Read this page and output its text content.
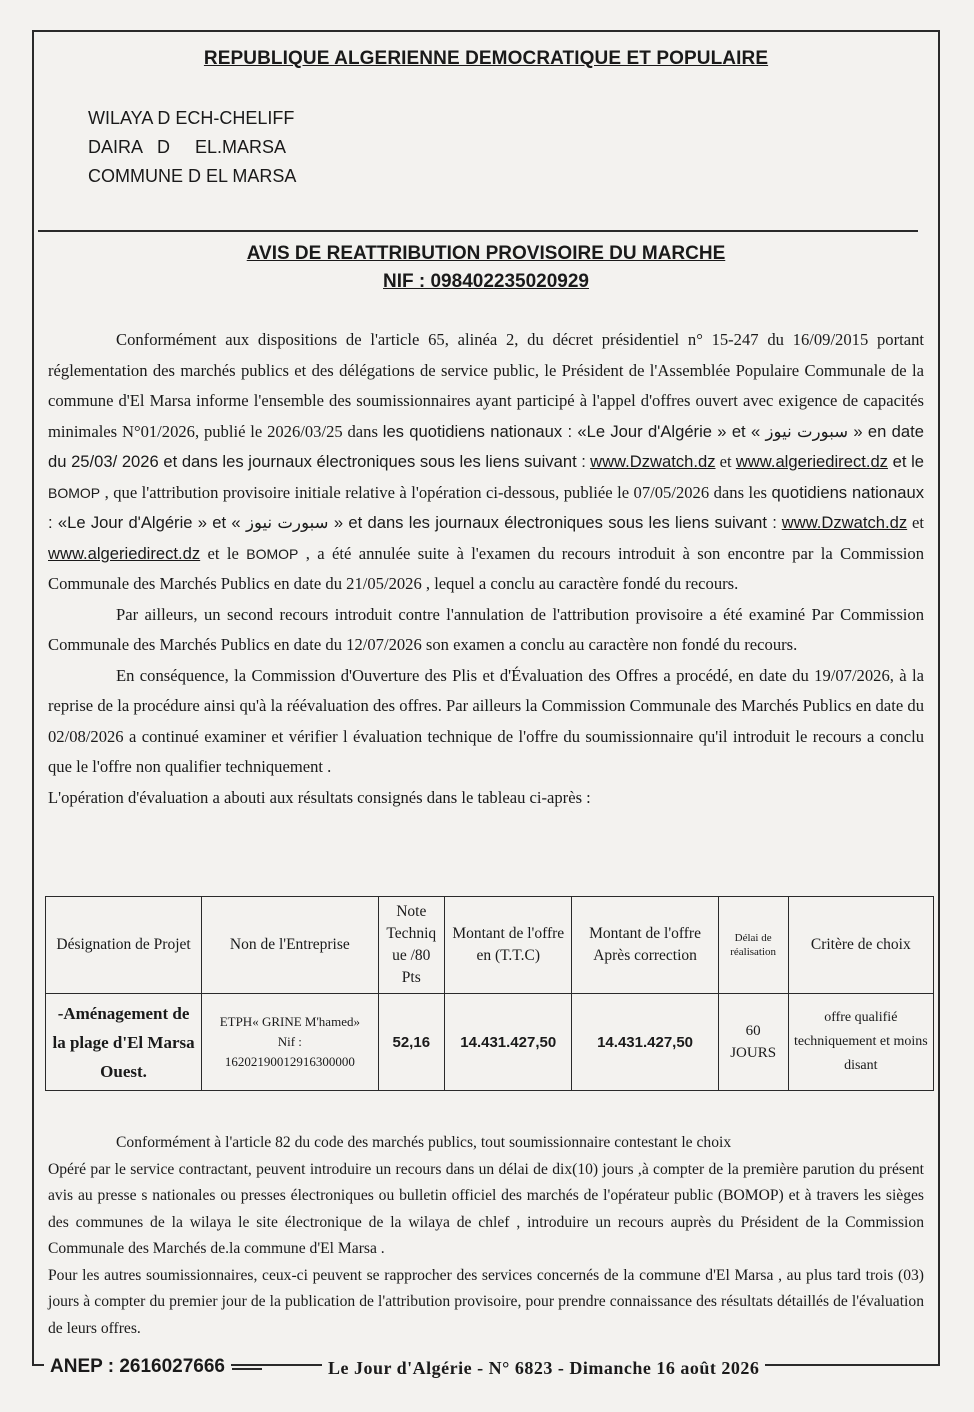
REPUBLIQUE ALGERIENNE DEMOCRATIQUE ET POPULAIRE
WILAYA D ECH-CHELIFF
DAIRA   D     EL.MARSA
COMMUNE D EL MARSA
AVIS DE REATTRIBUTION PROVISOIRE DU MARCHE
NIF : 098402235020929

Conformément aux dispositions de l'article 65, alinéa 2, du décret présidentiel n° 15-247 du 16/09/2015 portant réglementation des marchés publics et des délégations de service public, le Président de l'Assemblée Populaire Communale de la commune d'El Marsa informe l'ensemble des soumissionnaires ayant participé à l'appel d'offres ouvert avec exigence de capacités minimales N°01/2026, publié le 2026/03/25 dans les quotidiens nationaux : «Le Jour d'Algérie » et « سبورت نيوز » en date du 25/03/ 2026 et dans les journaux électroniques sous les liens suivant : www.Dzwatch.dz et www.algeriedirect.dz et le BOMOP , que l'attribution provisoire initiale relative à l'opération ci-dessous, publiée le 07/05/2026 dans les quotidiens nationaux : «Le Jour d'Algérie » et « سبورت نيوز » et dans les journaux électroniques sous les liens suivant : www.Dzwatch.dz et www.algeriedirect.dz et le BOMOP , a été annulée suite à l'examen du recours introduit à son encontre par la Commission Communale des Marchés Publics en date du 21/05/2026 , lequel a conclu au caractère fondé du recours.

Par ailleurs, un second recours introduit contre l'annulation de l'attribution provisoire a été examiné Par Commission Communale des Marchés Publics en date du 12/07/2026 son examen a conclu au caractère non fondé du recours.

En conséquence, la Commission d'Ouverture des Plis et d'Évaluation des Offres a procédé, en date du 19/07/2026, à la reprise de la procédure ainsi qu'à la réévaluation des offres. Par ailleurs la Commission Communale des Marchés Publics en date du 02/08/2026 a continué examiner et vérifier l évaluation technique de l'offre du soumissionnaire qu'il introduit le recours a conclu que le l'offre non qualifier techniquement .

L'opération d'évaluation a abouti aux résultats consignés dans le tableau ci-après :

Désignation de Projet	Non de l'Entreprise	Note Techniq ue /80 Pts	Montant de l'offre en (T.T.C)	Montant de l'offre Après correction	Délai de réalisation	Critère de choix
-Aménagement de la plage d'El Marsa Ouest.	ETPH« GRINE M'hamed»
Nif :
16202190012916300000	52,16	14.431.427,50	14.431.427,50	60 JOURS	offre qualifié techniquement et moins disant

Conformément à l'article 82 du code des marchés publics, tout soumissionnaire contestant le choix

Opéré par le service contractant, peuvent introduire un recours dans un délai de dix(10) jours ,à compter de la première parution du présent avis au presse s nationales ou presses électroniques ou bulletin officiel des marchés de l'opérateur public (BOMOP) et à travers les sièges des communes de la wilaya le site électronique de la wilaya de chlef , introduire un recours auprès du Président de la Commission Communale des Marchés de.la commune d'El Marsa .

Pour les autres soumissionnaires, ceux-ci peuvent se rapprocher des services concernés de la commune d'El Marsa , au plus tard trois (03) jours à compter du premier jour de la publication de l'attribution provisoire, pour prendre connaissance des résultats détaillés de l'évaluation de leurs offres.

ANEP : 2616027666	Le Jour d'Algérie - N° 6823 - Dimanche 16 août 2026
